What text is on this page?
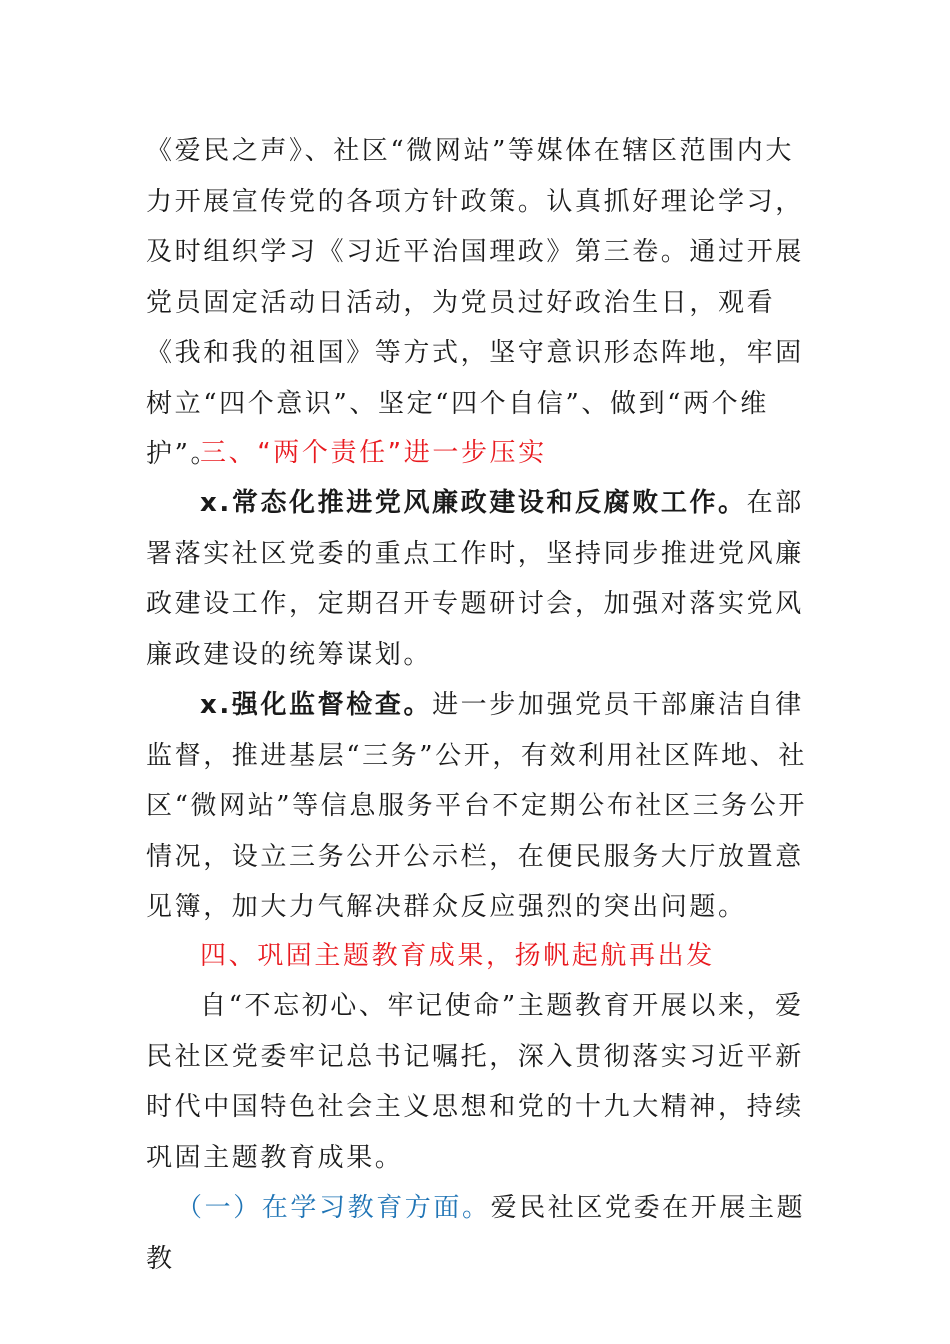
《爱民之声》、社区“微网站”等媒体在辖区范围内大力开展宣传党的各项方针政策。认真抓好理论学习，及时组织学习《习近平治国理政》第三卷。通过开展党员固定活动日活动，为党员过好政治生日，观看《我和我的祖国》等方式，坚守意识形态阵地，牢固树立“四个意识”、坚定“四个自信”、做到“两个维护”。

三、“两个责任”进一步压实

x.常态化推进党风廉政建设和反腐败工作。在部署落实社区党委的重点工作时，坚持同步推进党风廉政建设工作，定期召开专题研讨会，加强对落实党风廉政建设的统筹谋划。

x.强化监督检查。进一步加强党员干部廉洁自律监督，推进基层“三务”公开，有效利用社区阵地、社区“微网站”等信息服务平台不定期公布社区三务公开情况，设立三务公开公示栏，在便民服务大厅放置意见簿，加大力气解决群众反应强烈的突出问题。

四、巩固主题教育成果，扬帆起航再出发

自“不忘初心、牢记使命”主题教育开展以来，爱民社区党委牢记总书记嘱托，深入贯彻落实习近平新时代中国特色社会主义思想和党的十九大精神，持续巩固主题教育成果。

（一）在学习教育方面。爱民社区党委在开展主题教
